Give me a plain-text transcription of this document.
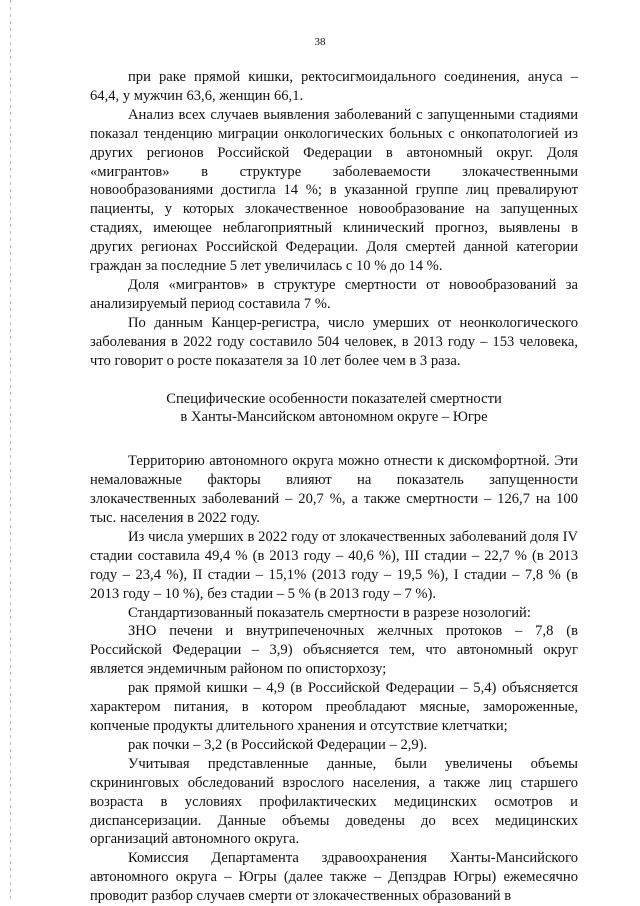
38

при раке прямой кишки, ректосигмоидального соединения, ануса – 64,4, у мужчин 63,6, женщин 66,1.

Анализ всех случаев выявления заболеваний с запущенными стадиями показал тенденцию миграции онкологических больных с онкопатологией из других регионов Российской Федерации в автономный округ. Доля «мигрантов» в структуре заболеваемости злокачественными новообразованиями достигла 14 %; в указанной группе лиц превалируют пациенты, у которых злокачественное новообразование на запущенных стадиях, имеющее неблагоприятный клинический прогноз, выявлены в других регионах Российской Федерации. Доля смертей данной категории граждан за последние 5 лет увеличилась с 10 % до 14 %.

Доля «мигрантов» в структуре смертности от новообразований за анализируемый период составила 7 %.

По данным Канцер-регистра, число умерших от неонкологического заболевания в 2022 году составило 504 человек, в 2013 году – 153 человека, что говорит о росте показателя за 10 лет более чем в 3 раза.

Специфические особенности показателей смертности
в Ханты-Мансийском автономном округе – Югре

Территорию автономного округа можно отнести к дискомфортной. Эти немаловажные факторы влияют на показатель запущенности злокачественных заболеваний – 20,7 %, а также смертности – 126,7 на 100 тыс. населения в 2022 году.

Из числа умерших в 2022 году от злокачественных заболеваний доля IV стадии составила 49,4 % (в 2013 году – 40,6 %), III стадии – 22,7 % (в 2013 году – 23,4 %), II стадии – 15,1% (2013 году – 19,5 %), I стадии – 7,8 % (в 2013 году – 10 %), без стадии – 5 % (в 2013 году – 7 %).

Стандартизованный показатель смертности в разрезе нозологий:

ЗНО печени и внутрипеченочных желчных протоков – 7,8 (в Российской Федерации – 3,9) объясняется тем, что автономный округ является эндемичным районом по описторхозу;

рак прямой кишки – 4,9 (в Российской Федерации – 5,4) объясняется характером питания, в котором преобладают мясные, замороженные, копченые продукты длительного хранения и отсутствие клетчатки;

рак почки – 3,2 (в Российской Федерации – 2,9).

Учитывая представленные данные, были увеличены объемы скрининговых обследований взрослого населения, а также лиц старшего возраста в условиях профилактических медицинских осмотров и диспансеризации. Данные объемы доведены до всех медицинских организаций автономного округа.

Комиссия Департамента здравоохранения Ханты-Мансийского автономного округа – Югры (далее также – Депздрав Югры) ежемесячно проводит разбор случаев смерти от злокачественных образований в
